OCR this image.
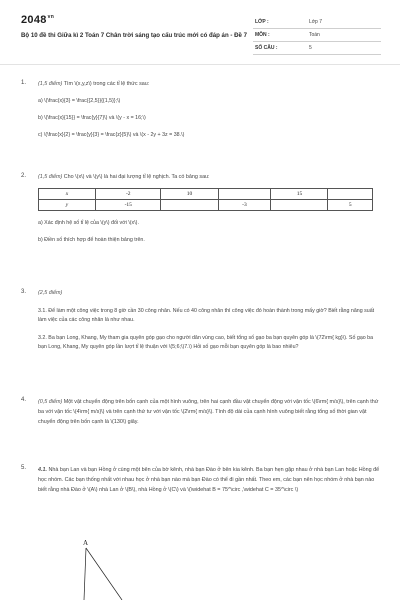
$2048^{vn}$
Bộ 10 đề thi Giữa kì 2 Toán 7 Chân trời sáng tạo cấu trúc mới có đáp án - Đề 7
LỚP :	Lớp 7
MÔN :	Toán
SỐ CÂU :	5
1. (1,5 điểm) Tìm \(x,y,z\) trong các tỉ lệ thức sau:
a) \(\frac{x}{3} = \frac{{2,5}}{{1,5}};\)
b) \(\frac{x}{15}} = \frac{y}{7}\) và \(y - x = 16;\)
c) \(\frac{x}{2} = \frac{y}{3} = \frac{z}{5}\) và \(x - 2y + 3z = 38.\)
2. (1,5 điểm) Cho \(x\) và \(y\) là hai đại lượng tỉ lệ nghịch. Ta có bảng sau:
x	-2	10		15	
y	-15		-3		5
a) Xác định hệ số tỉ lệ của \(y\) đối với \(x\).
b) Điền số thích hợp để hoàn thiện bảng trên.
3. (2,5 điểm)
3.1. Để làm một công việc trong 8 giờ cần 30 công nhân. Nếu có 40 công nhân thì công việc đó hoàn thành trong mấy giờ? Biết rằng năng suất làm việc của các công nhân là như nhau.
3.2. Ba bạn Long, Khang, My tham gia quyên góp gạo cho người dân vùng cao, biết tổng số gạo ba bạn quyên góp là \(72\rm{ kg}\). Số gạo ba bạn Long, Khang, My quyên góp lần lượt tỉ lệ thuận với \(5;6;\)7.\) Hỏi số gạo mỗi bạn quyên góp là bao nhiêu?
4. (0,5 điểm) Một vật chuyển động trên bốn cạnh của một hình vuông, trên hai cạnh đầu vật chuyển động với vận tốc \(6\rm{ m/s}\), trên cạnh thứ ba với vận tốc \(4\rm{ m/s}\) và trên cạnh thứ tư với vận tốc \(2\rm{ m/s}\). Tính độ dài của cạnh hình vuông biết rằng tổng số thời gian vật chuyển động trên bốn cạnh là \(130\) giây.
5. 4.1. Nhà bạn Lan và bạn Hồng ở cùng một bên của bờ kênh, nhà bạn Đào ở bên kia kênh. Ba bạn hẹn gặp nhau ở nhà bạn Lan hoặc Hồng để học nhóm. Các bạn thống nhất với nhau học ở nhà bạn nào mà bạn Đào có thể đi gần nhất. Theo em, các bạn nên học nhóm ở nhà bạn nào biết rằng nhà Đào ở \(A\) nhà Lan ở \(B\), nhà Hồng ở \(C\) và \(\widehat B = 75^\circ ,\widehat C = 35^\circ \)
A
